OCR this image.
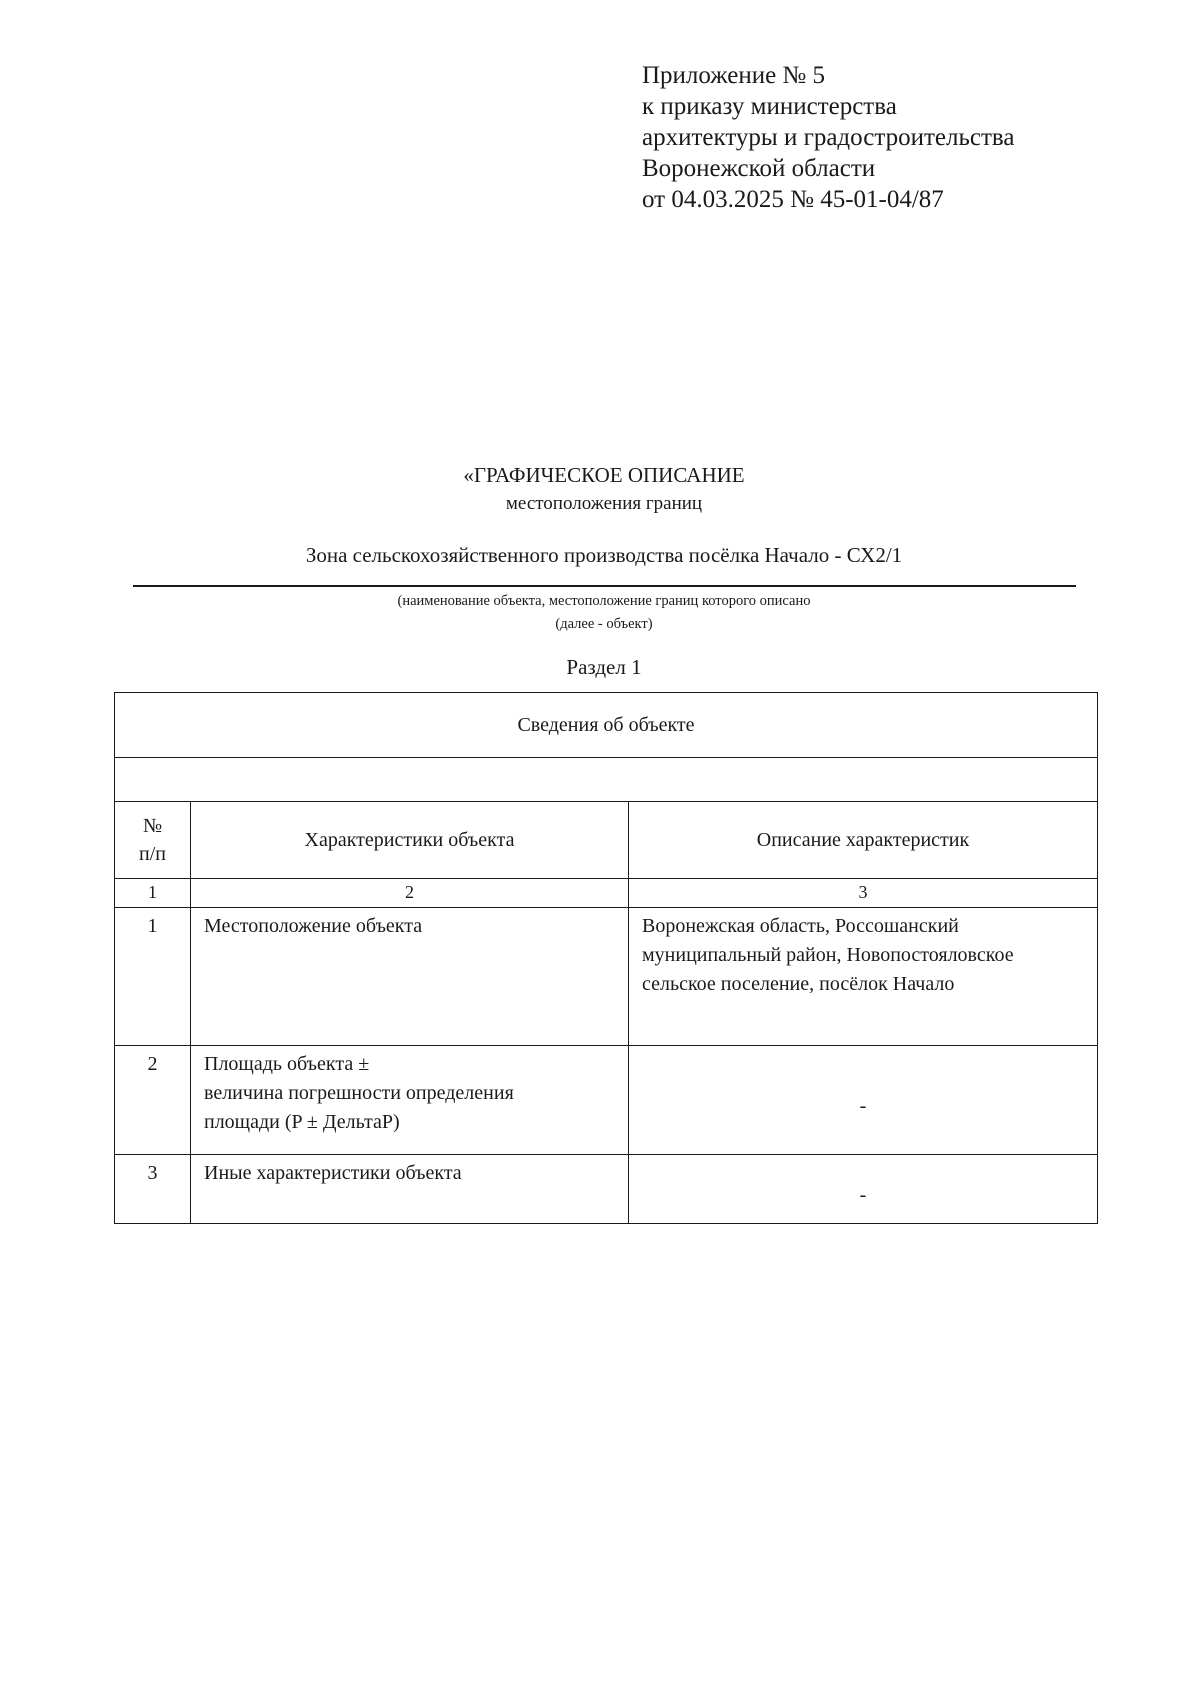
Приложение № 5
к приказу министерства
архитектуры и градостроительства
Воронежской области
от 04.03.2025 № 45-01-04/87
«ГРАФИЧЕСКОЕ ОПИСАНИЕ
местоположения границ
Зона сельскохозяйственного производства посёлка Начало - СХ2/1
(наименование объекта, местоположение границ которого описано
(далее - объект)
Раздел 1
Сведения об объекте		

№
п/п	Характеристики объекта	Описание характеристик
1	2	3
1	Местоположение объекта	Воронежская область, Россошанский муниципальный район, Новопостояловское сельское поселение, посёлок Начало
2	Площадь объекта ±
величина погрешности определения
площади (P ± ДельтаP)	-
3	Иные характеристики объекта	-
